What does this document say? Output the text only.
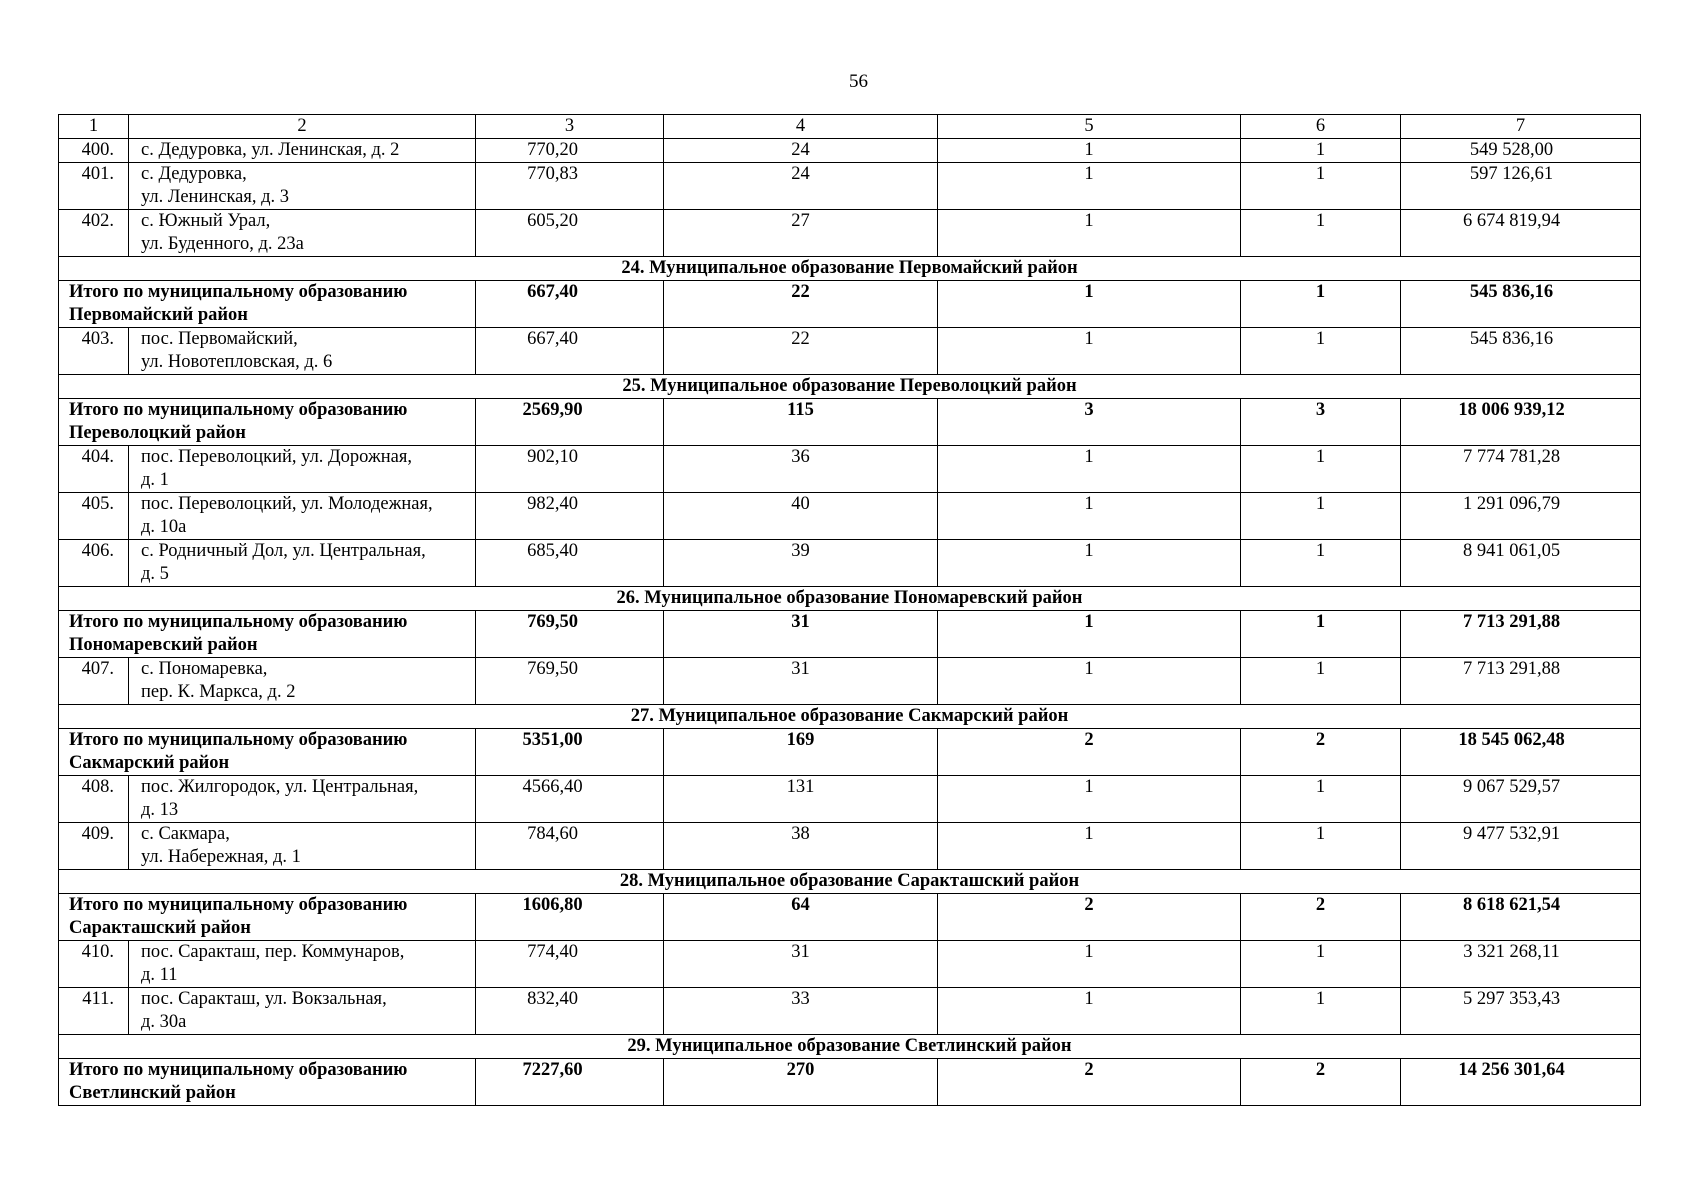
56
1	2	3	4	5	6	7
400.	с. Дедуровка, ул. Ленинская, д. 2	770,20	24	1	1	549 528,00
401.	с. Дедуровка,
ул. Ленинская, д. 3	770,83	24	1	1	597 126,61
402.	с. Южный Урал,
ул. Буденного, д. 23а	605,20	27	1	1	6 674 819,94
24. Муниципальное образование Первомайский район						

Итого по муниципальному образованию
Первомайский район		667,40	22	1	1	545 836,16
403.	пос. Первомайский,
ул. Новотепловская, д. 6	667,40	22	1	1	545 836,16
25. Муниципальное образование Переволоцкий район						

Итого по муниципальному образованию
Переволоцкий район		2569,90	115	3	3	18 006 939,12
404.	пос. Переволоцкий, ул. Дорожная,
д. 1	902,10	36	1	1	7 774 781,28
405.	пос. Переволоцкий, ул. Молодежная,
д. 10а	982,40	40	1	1	1 291 096,79
406.	с. Родничный Дол, ул. Центральная,
д. 5	685,40	39	1	1	8 941 061,05
26. Муниципальное образование Пономаревский район						

Итого по муниципальному образованию
Пономаревский район		769,50	31	1	1	7 713 291,88
407.	с. Пономаревка,
пер. К. Маркса, д. 2	769,50	31	1	1	7 713 291,88
27. Муниципальное образование Сакмарский район						

Итого по муниципальному образованию
Сакмарский район		5351,00	169	2	2	18 545 062,48
408.	пос. Жилгородок, ул. Центральная,
д. 13	4566,40	131	1	1	9 067 529,57
409.	с. Сакмара,
ул. Набережная, д. 1	784,60	38	1	1	9 477 532,91
28. Муниципальное образование Саракташский район						

Итого по муниципальному образованию
Саракташский район		1606,80	64	2	2	8 618 621,54
410.	пос. Саракташ, пер. Коммунаров,
д. 11	774,40	31	1	1	3 321 268,11
411.	пос. Саракташ, ул. Вокзальная,
д. 30а	832,40	33	1	1	5 297 353,43
29. Муниципальное образование Светлинский район						

Итого по муниципальному образованию
Светлинский район		7227,60	270	2	2	14 256 301,64
